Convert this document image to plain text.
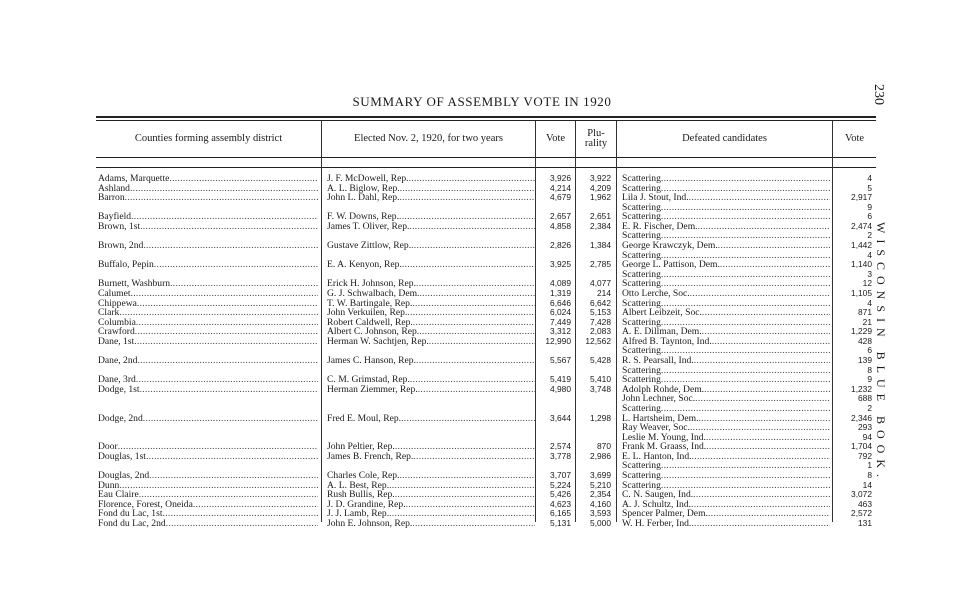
SUMMARY OF ASSEMBLY VOTE IN 1920	230
WISCONSIN BLUE BOOK.
Counties forming assembly district	Elected Nov. 2, 1920, for two years	Vote	Plu-
rality	Defeated candidates	Vote
Adams, Marquette .....	J. F. McDowell, Rep. .....	3,926	3,922 Scattering .....	4
Ashland .....	A. L. Biglow, Rep. .....	4,214	4,209 Scattering .....	5
Barron .....	John L. Dahl, Rep. .....	4,679	1,962 Lila J. Stout, Ind. .....	2,917
Scattering .....	9
Bayfield .....	F. W. Downs, Rep. .....	2,657	2,651 Scattering .....	6
Brown, 1st .....	James T. Oliver, Rep. .....	4,858	2,384 E. R. Fischer, Dem. .....	2,474
Scattering .....	2
Brown, 2nd .....	Gustave Zittlow, Rep. .....	2,826	1,384 George Krawczyk, Dem. .....	1,442
Scattering .....	4
Buffalo, Pepin .....	E. A. Kenyon, Rep. .....	3,925	2,785 George L. Pattison, Dem. .....	1,140
Scattering .....	3
Burnett, Washburn .....	Erick H. Johnson, Rep. .....	4,089	4,077 Scattering .....	12
Calumet .....	G. J. Schwalbach, Dem. .....	1,319	214 Otto Lerche, Soc. .....	1,105
Chippewa .....	T. W. Bartingale, Rep. .....	6,646	6,642 Scattering .....	4
Clark .....	John Verkuilen, Rep. .....	6,024	5,153 Albert Leibzeit, Soc. .....	871
Columbia .....	Robert Caldwell, Rep. .....	7,449	7,428 Scattering .....	21
Crawford .....	Albert C. Johnson, Rep. .....	3,312	2,083 A. E. Dillman, Dem. .....	1,229
Dane, 1st .....	Herman W. Sachtjen, Rep. .....	12,990	12,562 Alfred B. Taynton, Ind. .....	428
Scattering .....	6
Dane, 2nd .....	James C. Hanson, Rep. .....	5,567	5,428 R. S. Pearsall, Ind. .....	139
Scattering .....	8
Dane, 3rd .....	C. M. Grimstad, Rep. .....	5,419	5,410 Scattering .....	9
Dodge, 1st .....	Herman Ziemmer, Rep. .....	4,980	3,748 Adolph Rohde, Dem. .....	1,232
John Lechner, Soc. .....	688
Scattering .....	2
Dodge, 2nd .....	Fred E. Moul, Rep. .....	3,644	1,298 L. Hartsheim, Dem. .....	2,346
Ray Weaver, Soc. .....	293
Leslie M. Young, Ind. .....	94
Door .....	John Peltier, Rep. .....	2,574	870 Frank M. Graass, Ind. .....	1,704
Douglas, 1st .....	James B. French, Rep. .....	3,778	2,986 E. L. Hanton, Ind. .....	792
Scattering .....	1
Douglas, 2nd .....	Charles Cole, Rep. .....	3,707	3,699 Scattering .....	8
Dunn .....	A. L. Best, Rep. .....	5,224	5,210 Scattering .....	14
Eau Claire .....	Rush Bullis, Rep. .....	5,426	2,354 C. N. Saugen, Ind. .....	3,072
Florence, Forest, Oneida .....	J. D. Grandine, Rep. .....	4,623	4,160 A. J. Schultz, Ind. .....	463
Fond du Lac, 1st .....	J. J. Lamb, Rep. .....	6,165	3,593 Spencer Palmer, Dem. .....	2,572
Fond du Lac, 2nd .....	John E. Johnson, Rep. .....	5,131	5,000 W. H. Ferber, Ind. .....	131
